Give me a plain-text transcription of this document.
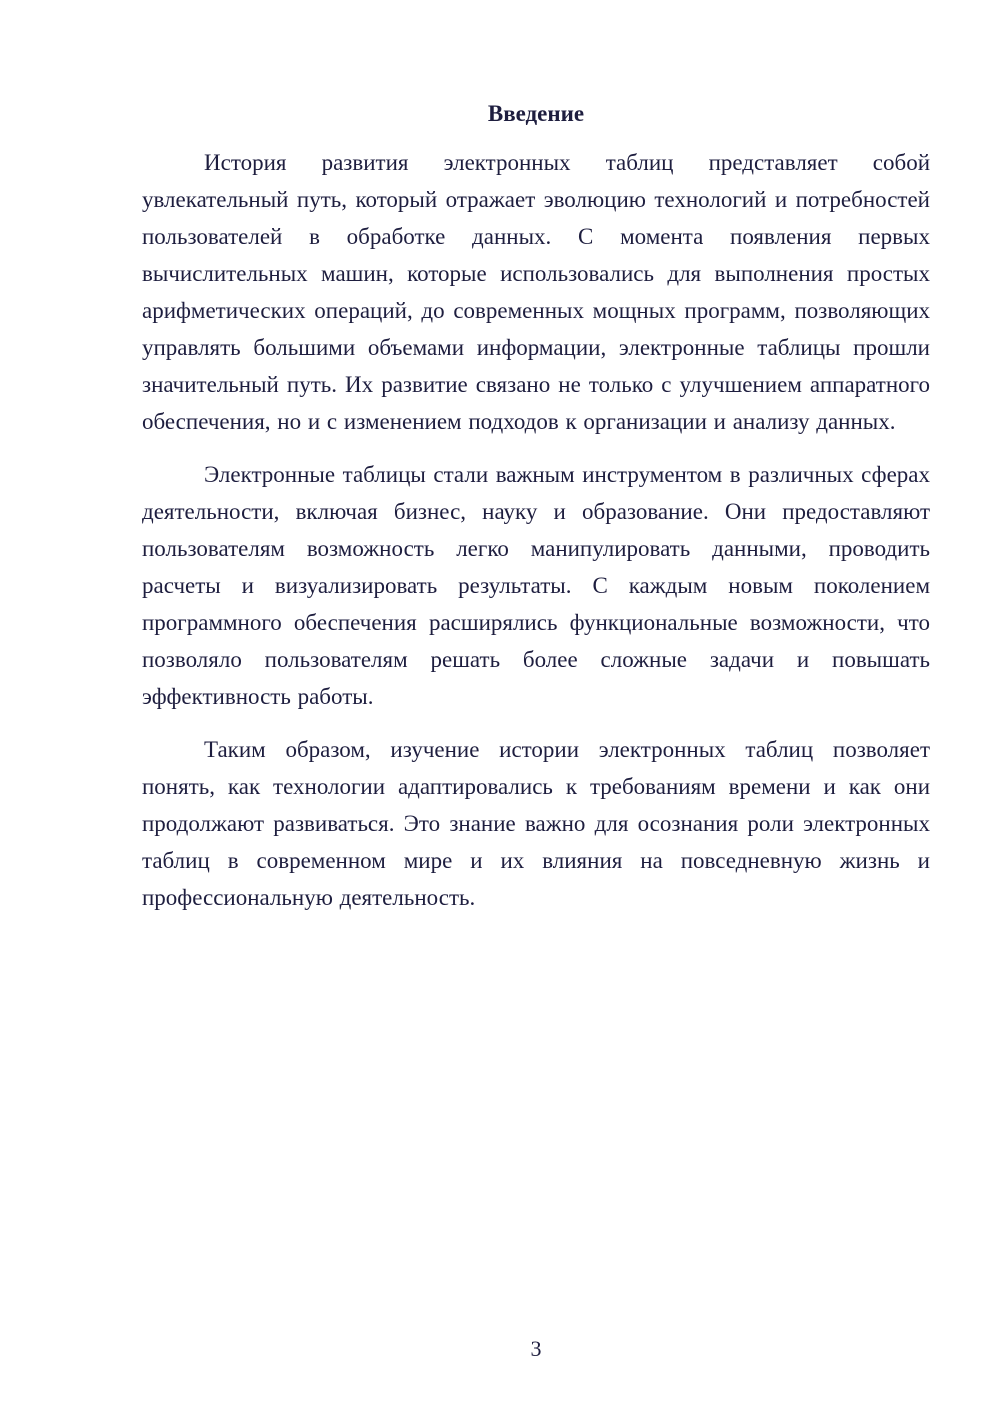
Введение

История развития электронных таблиц представляет собой увлекательный путь, который отражает эволюцию технологий и потребностей пользователей в обработке данных. С момента появления первых вычислительных машин, которые использовались для выполнения простых арифметических операций, до современных мощных программ, позволяющих управлять большими объемами информации, электронные таблицы прошли значительный путь. Их развитие связано не только с улучшением аппаратного обеспечения, но и с изменением подходов к организации и анализу данных.

Электронные таблицы стали важным инструментом в различных сферах деятельности, включая бизнес, науку и образование. Они предоставляют пользователям возможность легко манипулировать данными, проводить расчеты и визуализировать результаты. С каждым новым поколением программного обеспечения расширялись функциональные возможности, что позволяло пользователям решать более сложные задачи и повышать эффективность работы.

Таким образом, изучение истории электронных таблиц позволяет понять, как технологии адаптировались к требованиям времени и как они продолжают развиваться. Это знание важно для осознания роли электронных таблиц в современном мире и их влияния на повседневную жизнь и профессиональную деятельность.

3
